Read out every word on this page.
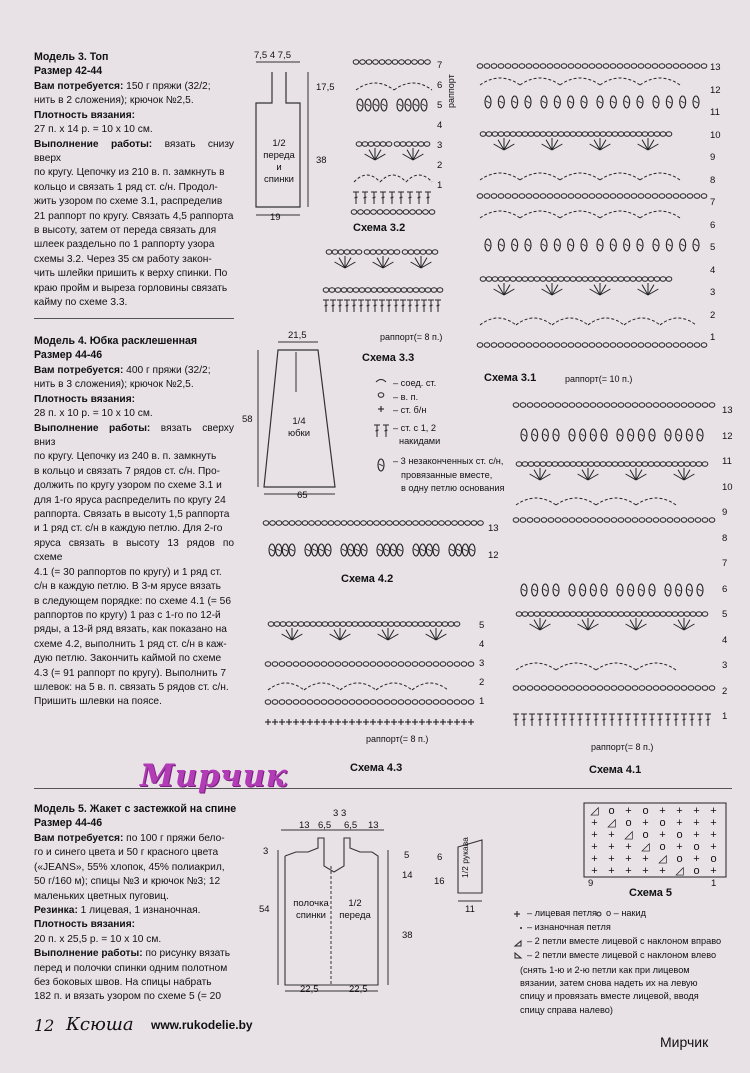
Модель 3. Топ
Размер 42-44
Вам потребуется: 150 г пряжи (32/2;
нить в 2 сложения); крючок №2,5.
Плотность вязания:
27 п. х 14 р. = 10 х 10 см.
Выполнение работы: вязать снизу вверх
по кругу. Цепочку из 210 в. п. замкнуть в
кольцо и связать 1 ряд ст. с/н. Продол-
жить узором по схеме 3.1, распределив
21 раппорт по кругу. Связать 4,5 раппорта
в высоту, затем от переда связать для
шлеек раздельно по 1 раппорту узора
схемы 3.2. Через 35 см работу закон-
чить шлейки пришить к верху спинки. По
краю пройм и выреза горловины связать
кайму по схеме 3.3.
Модель 4. Юбка расклешенная
Размер 44-46
Вам потребуется: 400 г пряжи (32/2;
нить в 3 сложения); крючок №2,5.
Плотность вязания:
28 п. х 10 р. = 10 х 10 см.
Выполнение работы: вязать сверху вниз
по кругу. Цепочку из 240 в. п. замкнуть
в кольцо и связать 7 рядов ст. с/н. Про-
должить по кругу узором по схеме 3.1 и
для 1-го яруса распределить по кругу 24
раппорта. Связать в высоту 1,5 раппорта
и 1 ряд ст. с/н в каждую петлю. Для 2-го
яруса связать в высоту 13 рядов по схеме
4.1 (= 30 раппортов по кругу) и 1 ряд ст.
с/н в каждую петлю. В 3-м ярусе вязать
в следующем порядке: по схеме 4.1 (= 56
раппортов по кругу) 1 раз с 1-го по 12-й
ряды, а 13-й ряд вязать, как показано на
схеме 4.2, выполнить 1 ряд ст. с/н в каж-
дую петлю. Закончить каймой по схеме
4.3 (= 91 раппорт по кругу). Выполнить 7
шлевок: на 5 в. п. связать 5 рядов ст. с/н.
Пришить шлевки на поясе.
Мирчик
Модель 5. Жакет с застежкой на спине
Размер 44-46
Вам потребуется: по 100 г пряжи бело-
го и синего цвета и 50 г красного цвета
(«JEANS», 55% хлопок, 45% полиакрил,
50 г/160 м); спицы №3 и крючок №3; 12
маленьких цветных пуговиц.
Резинка: 1 лицевая, 1 изнаночная.
Плотность вязания:
20 п. х 25,5 р. = 10 х 10 см.
Выполнение работы: по рисунку вязать
перед и полочки спинки одним полотном
без боковых швов. На спицы набрать
182 п. и вязать узором по схеме 5 (= 20
12 Ксюша www.rukodelie.by
Мирчик
7,5 4 7,5
17,5
38
1/2
переда
и
спинки
19
21,5
58	1/4
юбки
65
13 6,5
3 3
6,5 13
3
54
5
14
38
полочка
спинки
1/2
переда
22,5	22,5
6
16
11
1/2 рукава
Схема 3.2
Схема 3.3
Схема 3.1
Схема 4.2
Схема 4.3	Схема 4.1
Схема 5
раппорт(= 8 п.)
раппорт(= 10 п.)
раппорт(= 8 п.)
раппорт(= 8 п.)
раппорт
– соед. ст.
– в. п.
– ст. б/н
– ст. с 1, 2
накидами
– 3 незаконченных ст. с/н,
провязанные вместе,
в одну петлю основания
– лицевая петля о – накид
– изнаночная петля
– 2 петли вместе лицевой с наклоном вправо
– 2 петли вместе лицевой с наклоном влево
(снять 1-ю и 2-ю петли как при лицевом
вязании, затем снова надеть их на левую
спицу и провязать вместе лицевой, вводя
спицу справа налево)
◿ о + о + + + +
+ ◿ о + о + + +
+ + ◿ о + о + +
+ + + ◿ о + о +
+ + + + ◿ о + о
+ + + + + ◿ о +
1
9
7
6
5
4
3
2
1
13
12
11
10
9
8
7
6
5
4
3
2
1
13
12
11
10
9
8
7
6
5
4
3
2
1
13
12
5
4
3
2
1
